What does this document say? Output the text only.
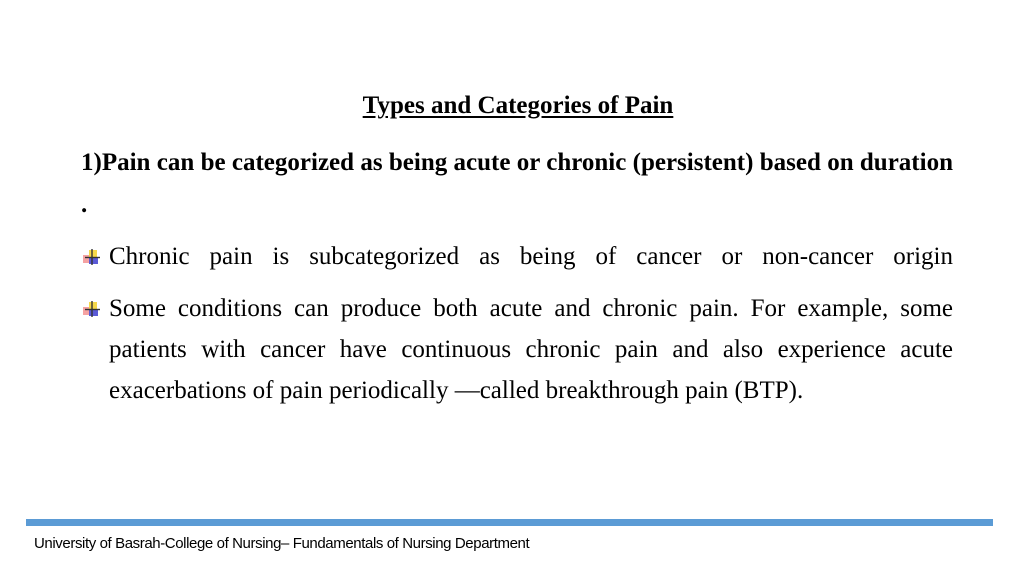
Types and Categories of Pain
1)Pain can be categorized as being acute or chronic (persistent) based on duration .
Chronic pain is subcategorized as being of cancer or non-cancer origin
Some conditions can produce both acute and chronic pain. For example, some patients with cancer have continuous chronic pain and also experience acute exacerbations of pain periodically —called breakthrough pain (BTP).
University of Basrah-College of Nursing– Fundamentals of Nursing Department
